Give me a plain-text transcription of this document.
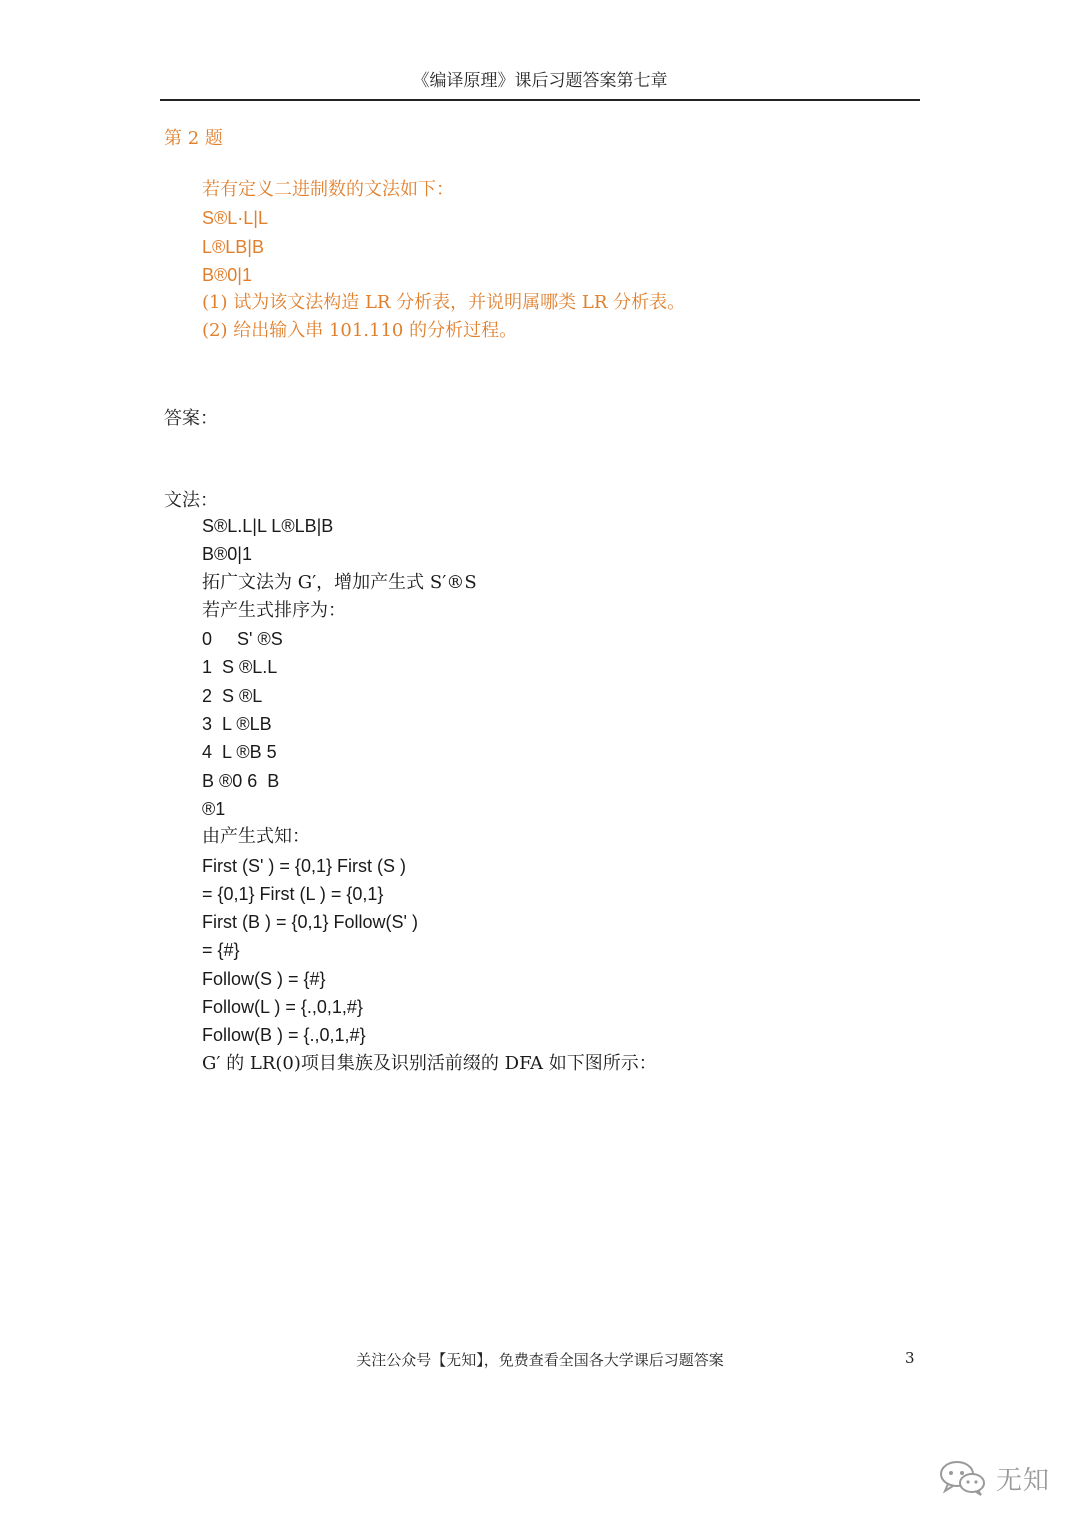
《编译原理》课后习题答案第七章
第 2 题
若有定义二进制数的文法如下：
S®L·L|L
L®LB|B
B®0|1
(1) 试为该文法构造 LR 分析表，并说明属哪类 LR 分析表。
(2) 给出输入串 101.110 的分析过程。
答案：
文法：
S®L.L|L L®LB|B
B®0|1
拓广文法为 G′，增加产生式 S′®S
若产生式排序为：
0     S' ®S
1  S ®L.L
2  S ®L
3  L ®LB
4  L ®B 5
B ®0 6  B
®1
由产生式知：
First (S' ) = {0,1} First (S )
= {0,1} First (L ) = {0,1}
First (B ) = {0,1} Follow(S' )
= {#}
Follow(S ) = {#}
Follow(L ) = {.,0,1,#}
Follow(B ) = {.,0,1,#}
G′ 的 LR(0)项目集族及识别活前缀的 DFA 如下图所示：
关注公众号【无知】，免费查看全国各大学课后习题答案	3
无知
